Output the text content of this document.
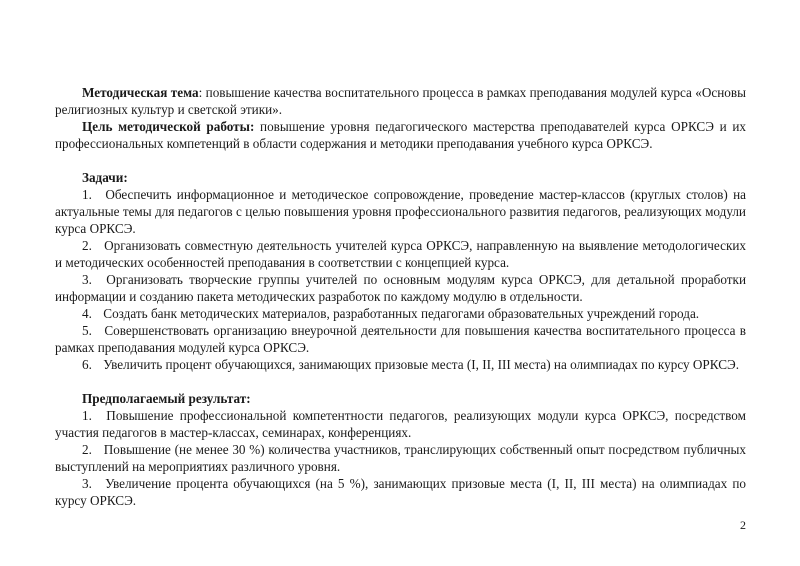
Методическая тема: повышение качества воспитательного процесса в рамках преподавания модулей курса «Основы религиозных культур и светской этики».

Цель методической работы: повышение уровня педагогического мастерства преподавателей курса ОРКСЭ и их профессиональных компетенций в области содержания и методики преподавания учебного курса ОРКСЭ.

Задачи:

1. Обеспечить информационное и методическое сопровождение, проведение мастер-классов (круглых столов) на актуальные темы для педагогов с целью повышения уровня профессионального развития педагогов, реализующих модули курса ОРКСЭ.

2. Организовать совместную деятельность учителей курса ОРКСЭ, направленную на выявление методологических и методических особенностей преподавания в соответствии с концепцией курса.

3. Организовать творческие группы учителей по основным модулям курса ОРКСЭ, для детальной проработки информации и созданию пакета методических разработок по каждому модулю в отдельности.

4. Создать банк методических материалов, разработанных педагогами образовательных учреждений города.

5. Совершенствовать организацию внеурочной деятельности для повышения качества воспитательного процесса в рамках преподавания модулей курса ОРКСЭ.

6. Увеличить процент обучающихся, занимающих призовые места (I, II, III места) на олимпиадах по курсу ОРКСЭ.

Предполагаемый результат:

1. Повышение профессиональной компетентности педагогов, реализующих модули курса ОРКСЭ, посредством участия педагогов в мастер-классах, семинарах, конференциях.

2. Повышение (не менее 30 %) количества участников, транслирующих собственный опыт посредством публичных выступлений на мероприятиях различного уровня.

3. Увеличение процента обучающихся (на 5 %), занимающих призовые места (I, II, III места) на олимпиадах по курсу ОРКСЭ.

2
